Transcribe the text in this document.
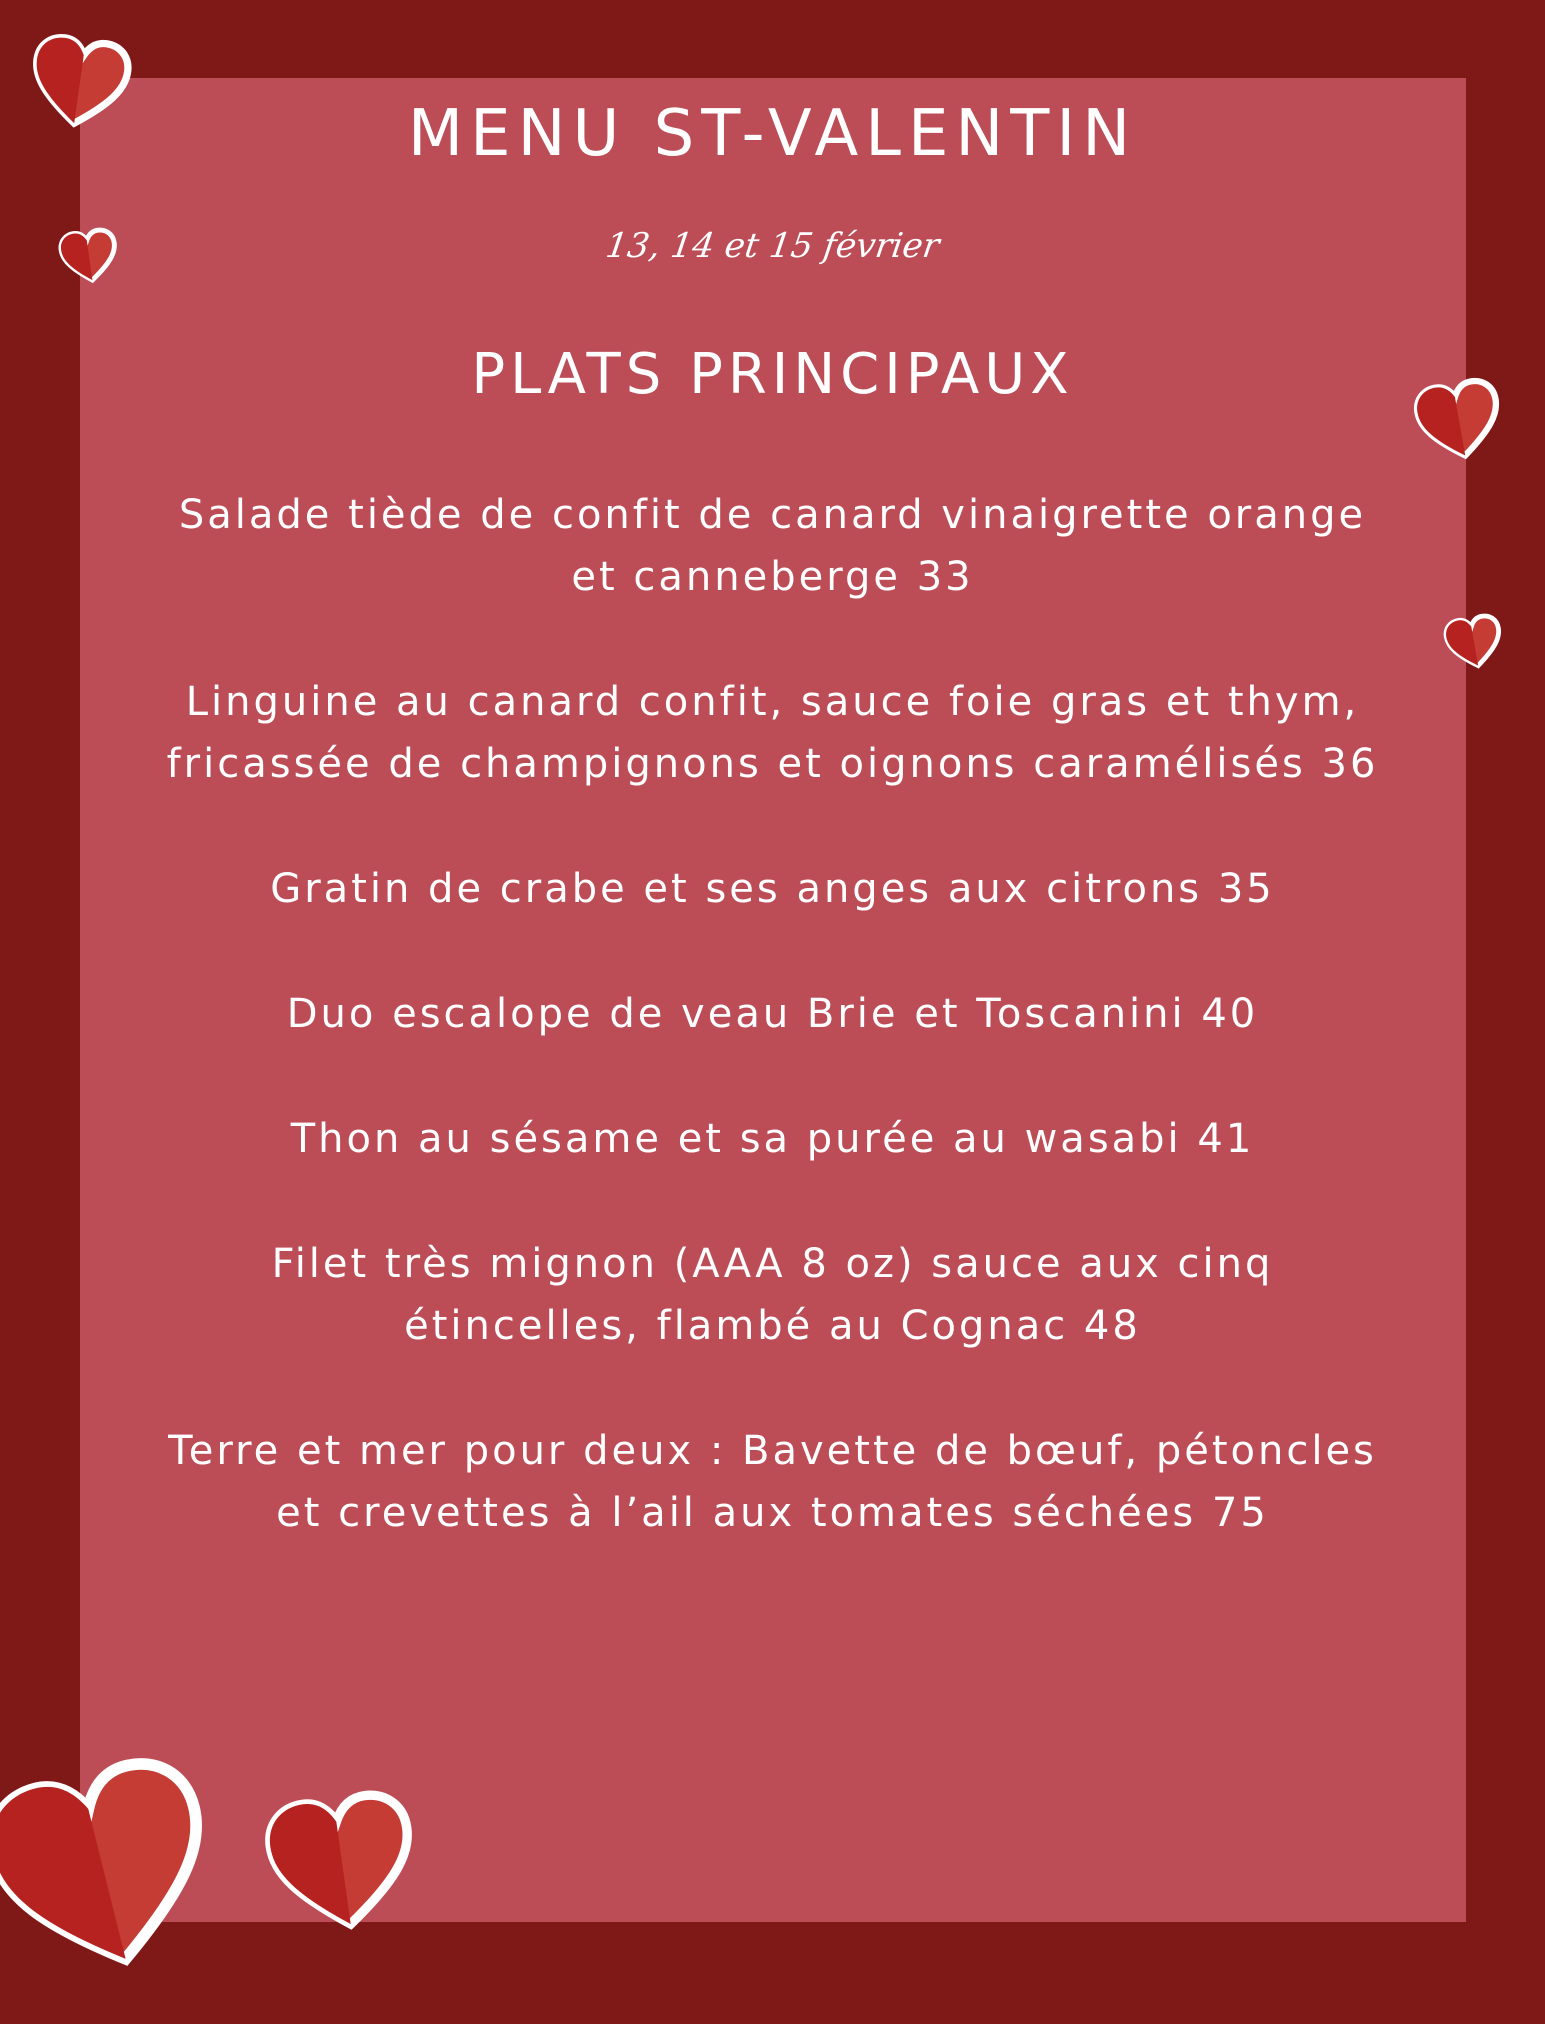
MENU ST-VALENTIN
13, 14 et 15 février
PLATS PRINCIPAUX
Salade tiède de confit de canard vinaigrette orange et canneberge 33
Linguine au canard confit, sauce foie gras et thym, fricassée de champignons et oignons caramélisés 36
Gratin de crabe et ses anges aux citrons 35
Duo escalope de veau Brie et Toscanini 40
Thon au sésame et sa purée au wasabi 41
Filet très mignon (AAA 8 oz) sauce aux cinq étincelles, flambé au Cognac 48
Terre et mer pour deux : Bavette de bœuf, pétoncles et crevettes à l’ail aux tomates séchées 75
